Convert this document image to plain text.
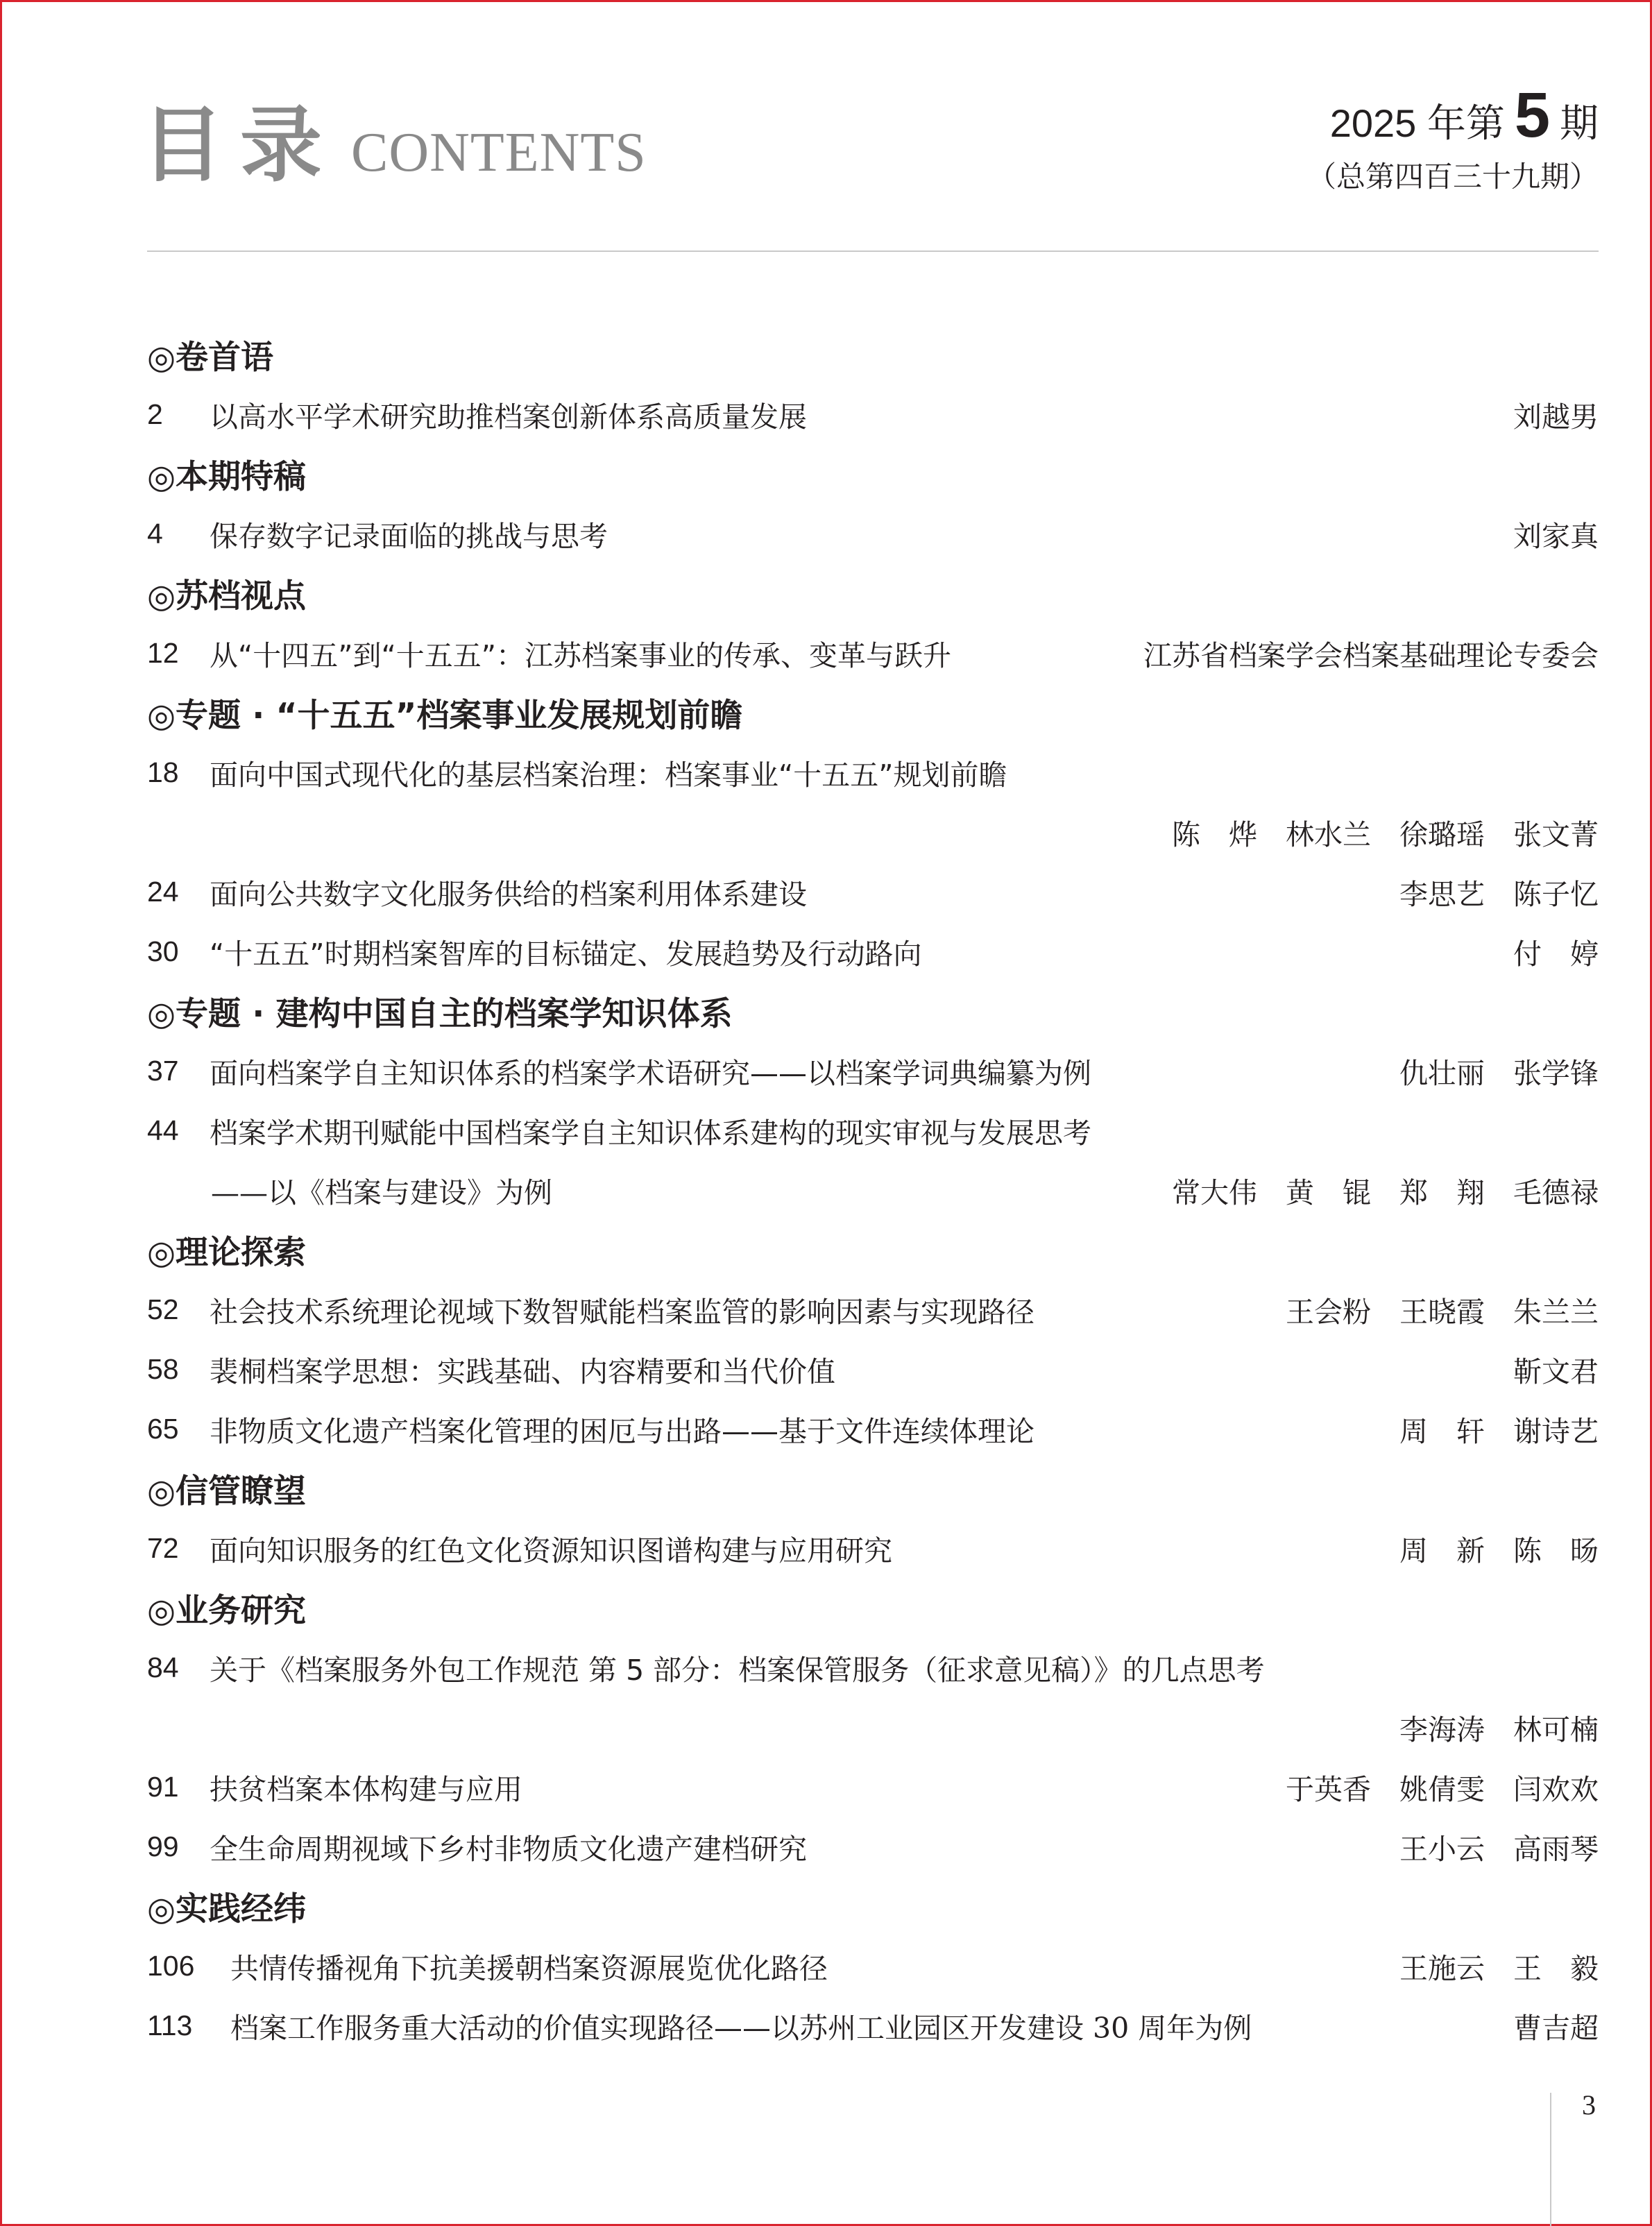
目录 CONTENTS	2025 年第 5 期
（总第四百三十九期）
◎卷首语
2	以高水平学术研究助推档案创新体系高质量发展	刘越男
◎本期特稿
4	保存数字记录面临的挑战与思考	刘家真
◎苏档视点
12	从“十四五”到“十五五”：江苏档案事业的传承、变革与跃升	江苏省档案学会档案基础理论专委会
◎专题 · “十五五”档案事业发展规划前瞻
18	面向中国式现代化的基层档案治理：档案事业“十五五”规划前瞻
陈　烨　林水兰　徐璐瑶　张文菁
24	面向公共数字文化服务供给的档案利用体系建设	李思艺　陈子忆
30	“十五五”时期档案智库的目标锚定、发展趋势及行动路向	付　婷
◎专题 · 建构中国自主的档案学知识体系
37	面向档案学自主知识体系的档案学术语研究—— 以档案学词典编纂为例	仇壮丽　张学锋
44	档案学术期刊赋能中国档案学自主知识体系建构的现实审视与发展思考
——以《档案与建设》为例	常大伟　黄　锟　郑　翔　毛德禄
◎理论探索
52	社会技术系统理论视域下数智赋能档案监管的影响因素与实现路径	王会粉　王晓霞　朱兰兰
58	裴桐档案学思想：实践基础、内容精要和当代价值	靳文君
65	非物质文化遗产档案化管理的困厄与出路—— 基于文件连续体理论	周　轩　谢诗艺
◎信管瞭望
72	面向知识服务的红色文化资源知识图谱构建与应用研究	周　新　陈　旸
◎业务研究
84	关于《档案服务外包工作规范 第 5 部分：档案保管服务（征求意见稿）》的几点思考
李海涛　林可楠
91	扶贫档案本体构建与应用	于英香　姚倩雯　闫欢欢
99	全生命周期视域下乡村非物质文化遗产建档研究	王小云　高雨琴
◎实践经纬
106	共情传播视角下抗美援朝档案资源展览优化路径	王施云　王　毅
113	档案工作服务重大活动的价值实现路径—— 以苏州工业园区开发建设 30 周年为例	曹吉超
3
